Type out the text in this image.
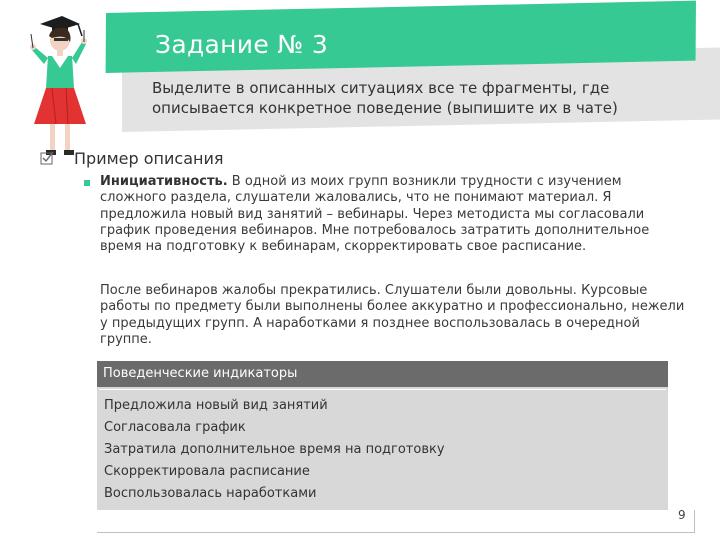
Задание № 3
Выделите в описанных ситуациях все те фрагменты, где описывается конкретное поведение (выпишите их в чате)
Пример описания

Инициативность. В одной из моих групп возникли трудности с изучением сложного раздела, слушатели жаловались, что не понимают материал. Я предложила новый вид занятий – вебинары. Через методиста мы согласовали график проведения вебинаров. Мне потребовалось затратить дополнительное время на подготовку к вебинарам, скорректировать свое расписание.

После вебинаров жалобы прекратились. Слушатели были довольны. Курсовые работы по предмету были выполнены более аккуратно и профессионально, нежели у предыдущих групп. А наработками я позднее воспользовалась в очередной группе.

Поведенческие индикаторы
Предложила новый вид занятий
Согласовала график
Затратила дополнительное время на подготовку
Скорректировала расписание
Воспользовалась наработками
9
